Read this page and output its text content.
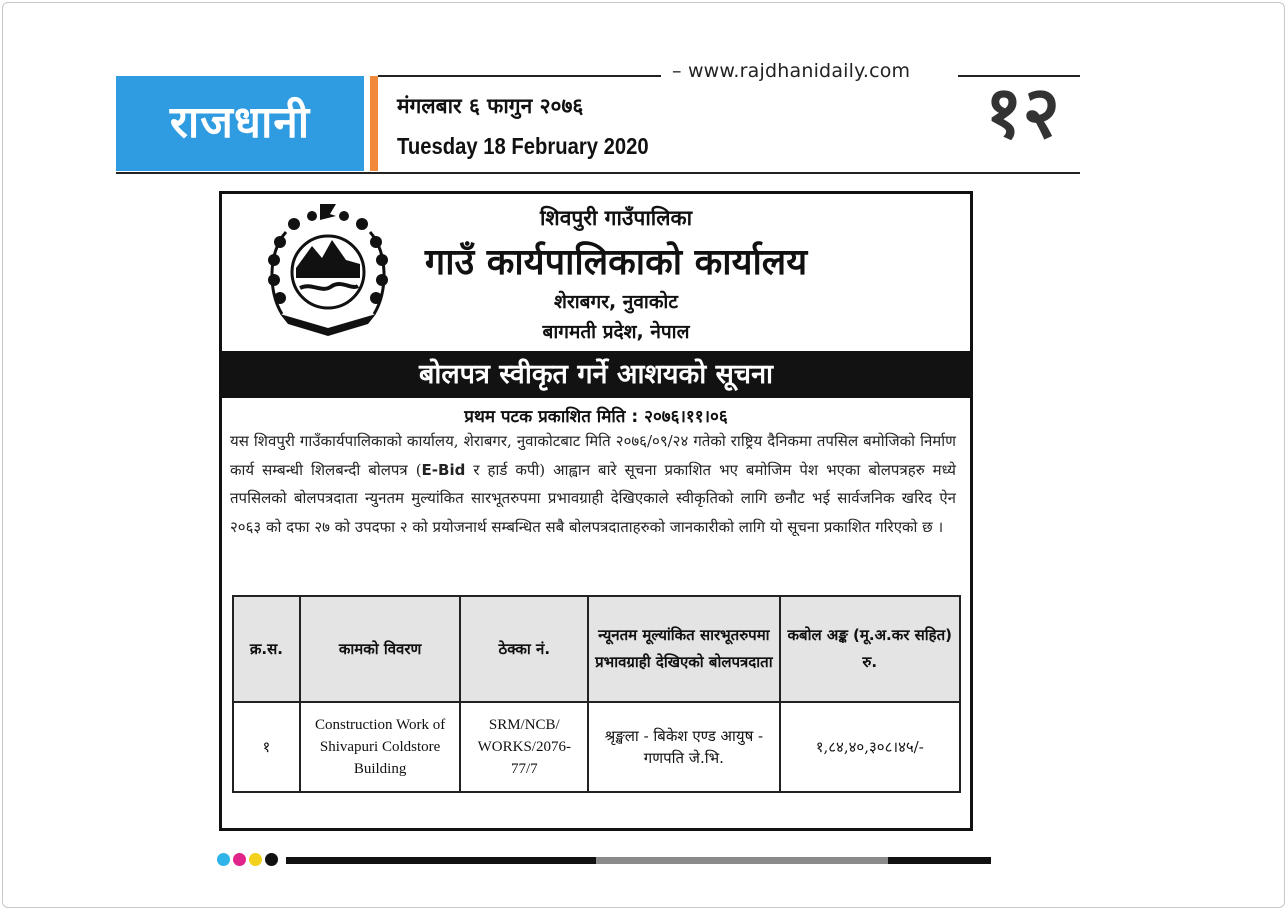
– www.rajdhanidaily.com
राजधानी	मंगलबार ६ फागुन २०७६
Tuesday 18 February 2020	१२
शिवपुरी गाउँपालिका
गाउँ कार्यपालिकाको कार्यालय
शेराबगर, नुवाकोट
बागमती प्रदेश, नेपाल
बोलपत्र स्वीकृत गर्ने आशयको सूचना
प्रथम पटक प्रकाशित मिति : २०७६।११।०६
यस शिवपुरी गाउँकार्यपालिकाको कार्यालय, शेराबगर, नुवाकोटबाट मिति २०७६/०९/२४ गतेको राष्ट्रिय दैनिकमा तपसिल बमोजिको निर्माण कार्य सम्बन्धी शिलबन्दी बोलपत्र (E-Bid र हार्ड कपी) आह्वान बारे सूचना प्रकाशित भए बमोजिम पेश भएका बोलपत्रहरु मध्ये तपसिलको बोलपत्रदाता न्युनतम मुल्यांकित सारभूतरुपमा प्रभावग्राही देखिएकाले स्वीकृतिको लागि छनौट भई सार्वजनिक खरिद ऐन २०६३ को दफा २७ को उपदफा २ को प्रयोजनार्थ सम्बन्धित सबै बोलपत्रदाताहरुको जानकारीको लागि यो सूचना प्रकाशित गरिएको छ ।
क्र.स.	कामको विवरण	ठेक्का नं.	न्यूनतम मूल्यांकित सारभूतरुपमा प्रभावग्राही देखिएको बोलपत्रदाता	कबोल अङ्क (मू.अ.कर सहित) रु.
१	Construction Work of Shivapuri Coldstore Building	SRM/NCB/ WORKS/2076-77/7	श्रृङ्खला - बिकेश एण्ड आयुष - गणपति जे.भि.	१,८४,४०,३०८।४५/-
